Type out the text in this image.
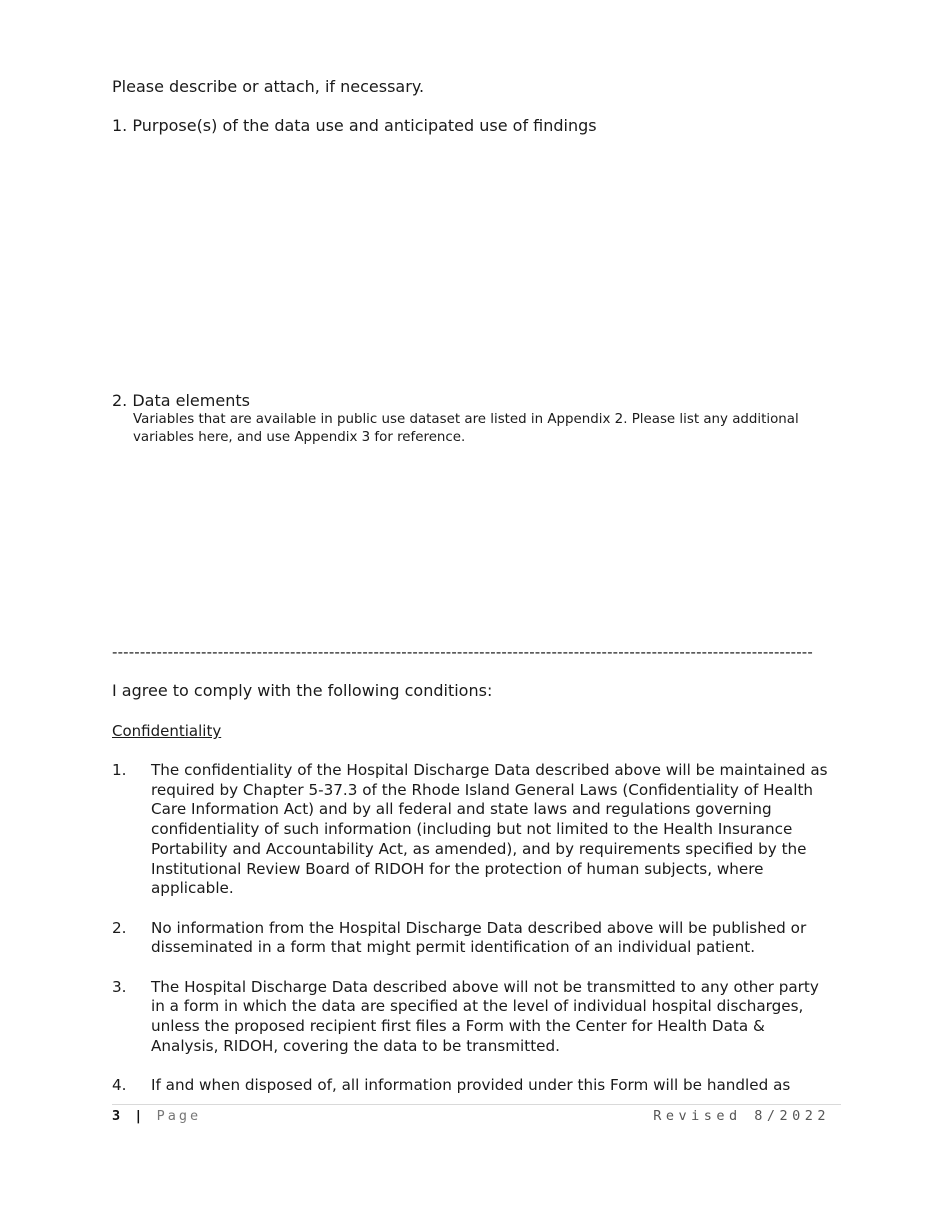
Please describe or attach, if necessary.
1. Purpose(s) of the data use and anticipated use of findings
2. Data elements
Variables that are available in public use dataset are listed in Appendix 2. Please list any additional variables here, and use Appendix 3 for reference.
------------------------------------------------------------------------------------------------------------------------------
I agree to comply with the following conditions:
Confidentiality
1.	The confidentiality of the Hospital Discharge Data described above will be maintained as required by Chapter 5-37.3 of the Rhode Island General Laws (Confidentiality of Health Care Information Act) and by all federal and state laws and regulations governing confidentiality of such information (including but not limited to the Health Insurance Portability and Accountability Act, as amended), and by requirements specified by the Institutional Review Board of RIDOH for the protection of human subjects, where applicable.
2.	No information from the Hospital Discharge Data described above will be published or disseminated in a form that might permit identification of an individual patient.
3.	The Hospital Discharge Data described above will not be transmitted to any other party in a form in which the data are specified at the level of individual hospital discharges, unless the proposed recipient first files a Form with the Center for Health Data & Analysis, RIDOH, covering the data to be transmitted.
4.	If and when disposed of, all information provided under this Form will be handled as
3 | Page	Revised 8/2022
